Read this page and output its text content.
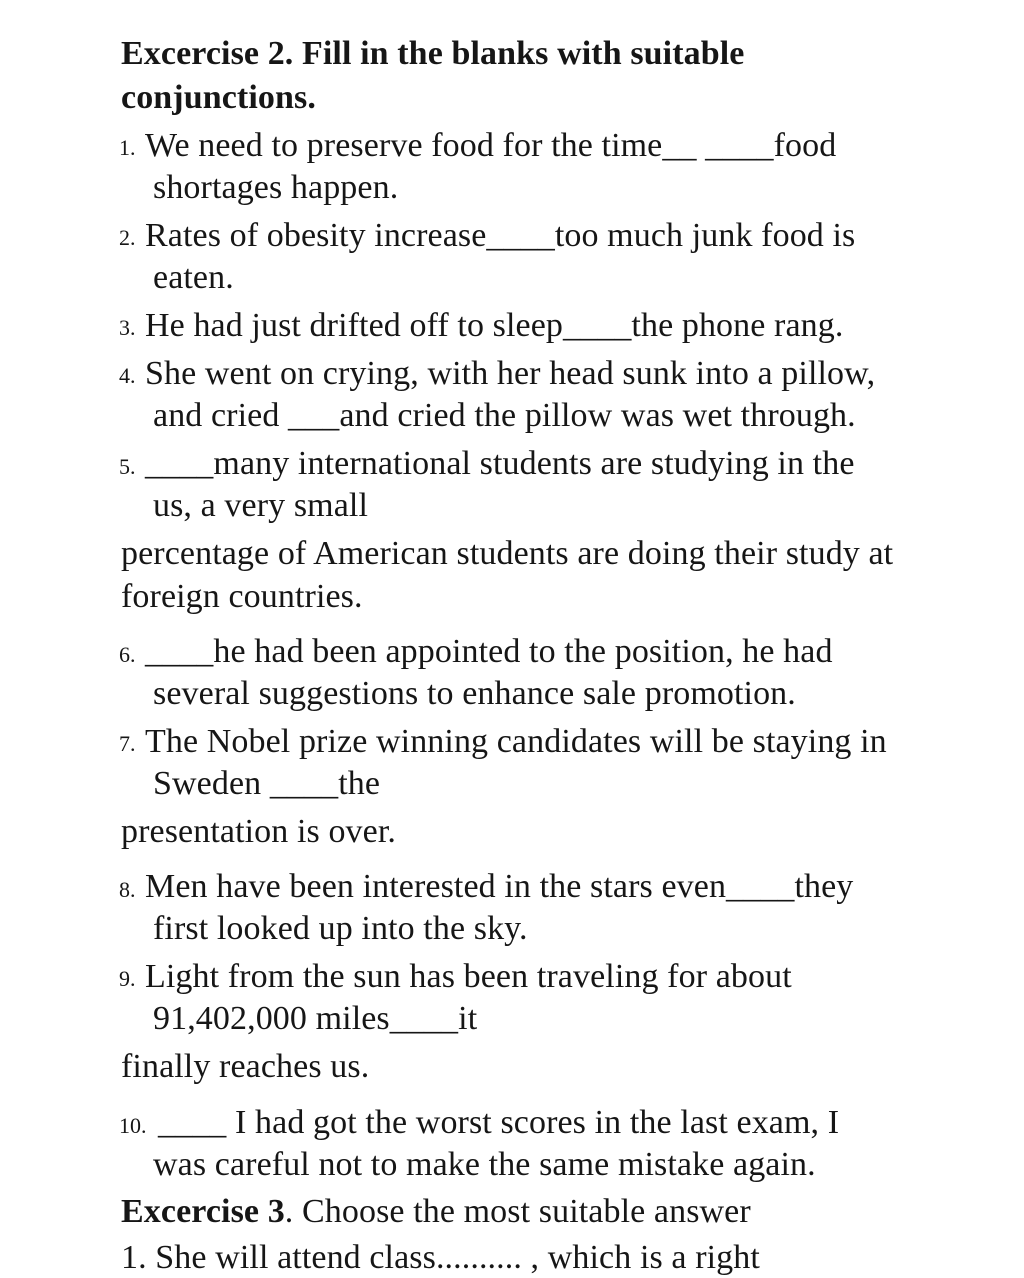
Excercise 2. Fill in the blanks with suitable
conjunctions.
1. We need to preserve food for the time__ ____food
shortages happen.
2. Rates of obesity increase____too much junk food is
eaten.
3. He had just drifted off to sleep____the phone rang.
4. She went on crying, with her head sunk into a pillow,
and cried ___and cried the pillow was wet through.
5. ____many international students are studying in the
us, a very small
percentage of American students are doing their study at
foreign countries.
6. ____he had been appointed to the position, he had
several suggestions to enhance sale promotion.
7. The Nobel prize winning candidates will be staying in
Sweden ____the
presentation is over.
8. Men have been interested in the stars even____they
first looked up into the sky.
9. Light from the sun has been traveling for about
91,402,000 miles____it
finally reaches us.
10. ____ I had got the worst scores in the last exam, I
was careful not to make the same mistake again.
Excercise 3. Choose the most suitable answer
1. She will attend class.......... , which is a right
